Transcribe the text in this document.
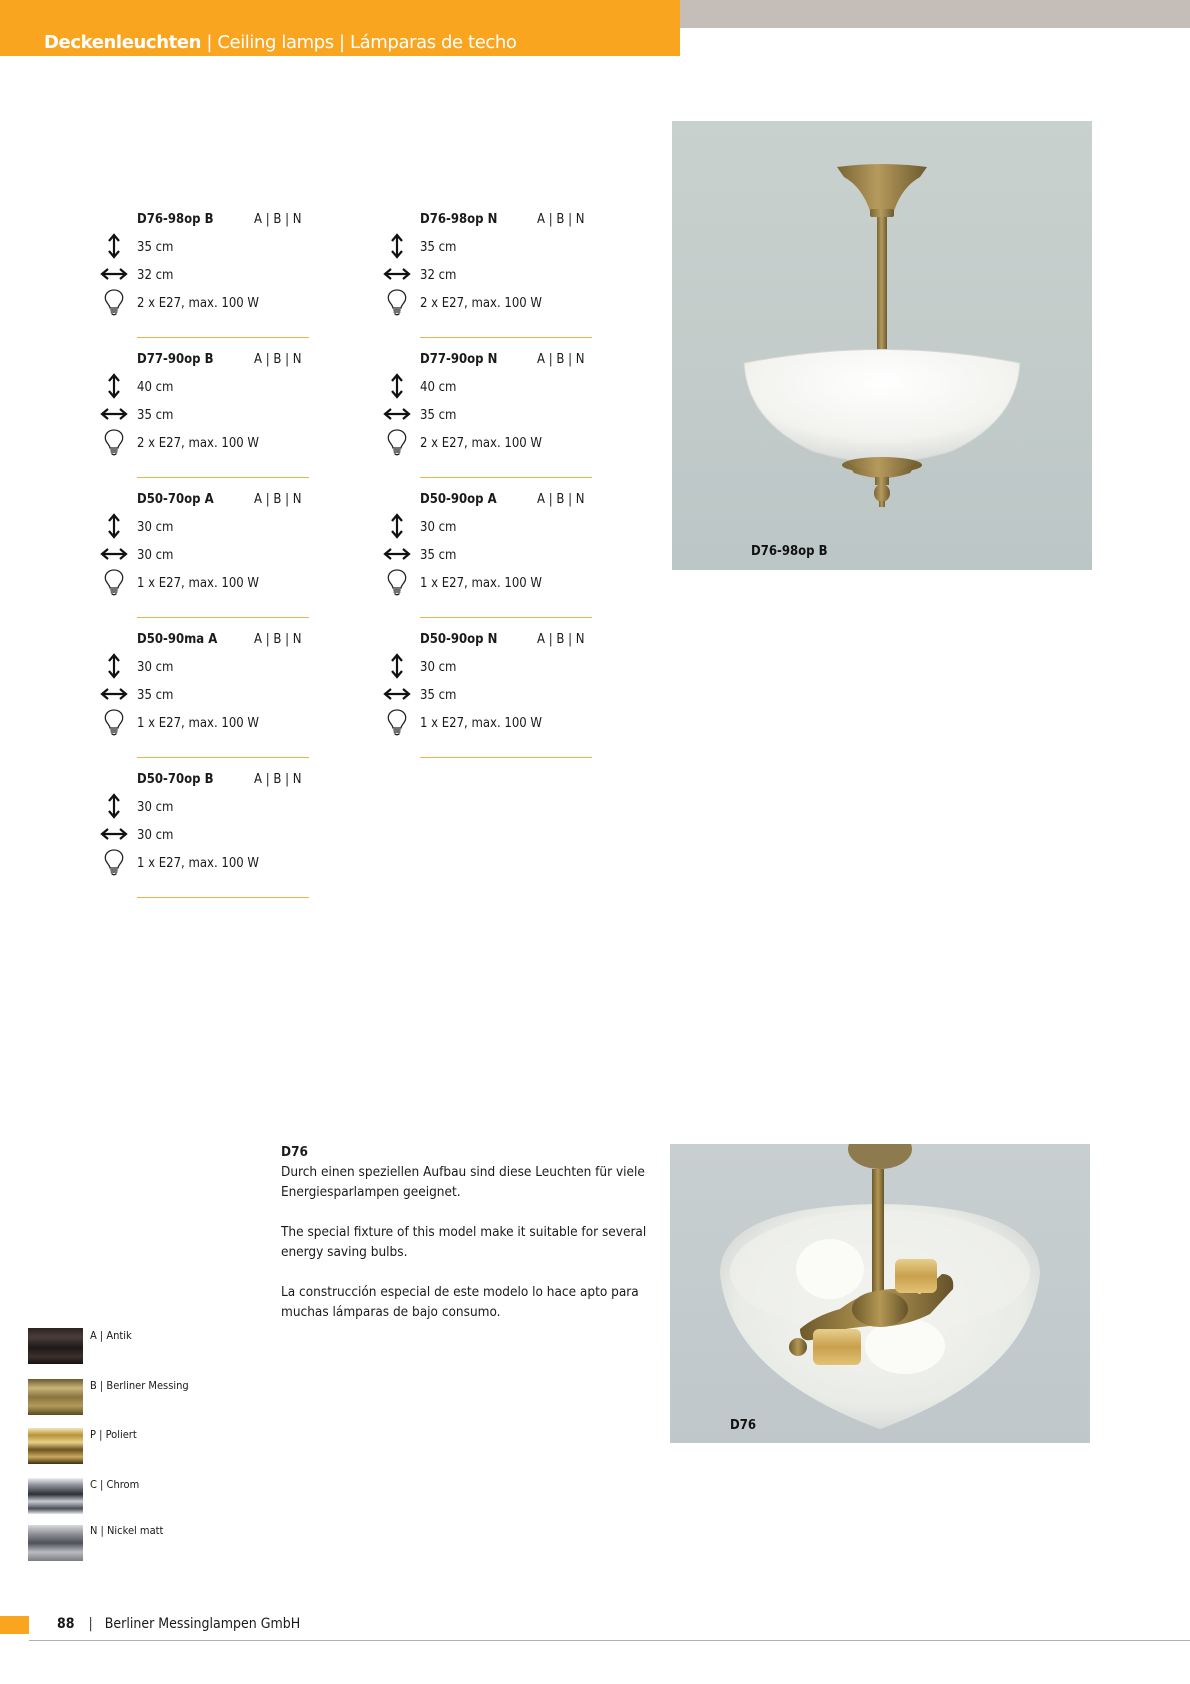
Deckenleuchten | Ceiling lamps | Lámparas de techo
D76-98op B	A | B | N
35 cm
32 cm
2 x E27, max. 100 W
D76-98op N	A | B | N
35 cm
32 cm
2 x E27, max. 100 W
D77-90op B	A | B | N
40 cm
35 cm
2 x E27, max. 100 W
D77-90op N	A | B | N
40 cm
35 cm
2 x E27, max. 100 W
D50-70op A	A | B | N
30 cm
30 cm
1 x E27, max. 100 W
D50-90op A	A | B | N
30 cm
35 cm
1 x E27, max. 100 W
D50-90ma A	A | B | N
30 cm
35 cm
1 x E27, max. 100 W
D50-90op N	A | B | N
30 cm
35 cm
1 x E27, max. 100 W
D50-70op B	A | B | N
30 cm
30 cm
1 x E27, max. 100 W
D76-98op B

D76

Durch einen speziellen Aufbau sind diese Leuchten für viele Energiesparlampen geeignet.

The special fixture of this model make it suitable for several energy saving bulbs.

La construcción especial de este modelo lo hace apto para muchas lámparas de bajo consumo.

D76
A | Antik
B | Berliner Messing
P | Poliert
C | Chrom
N | Nickel matt
88 | Berliner Messinglampen GmbH
